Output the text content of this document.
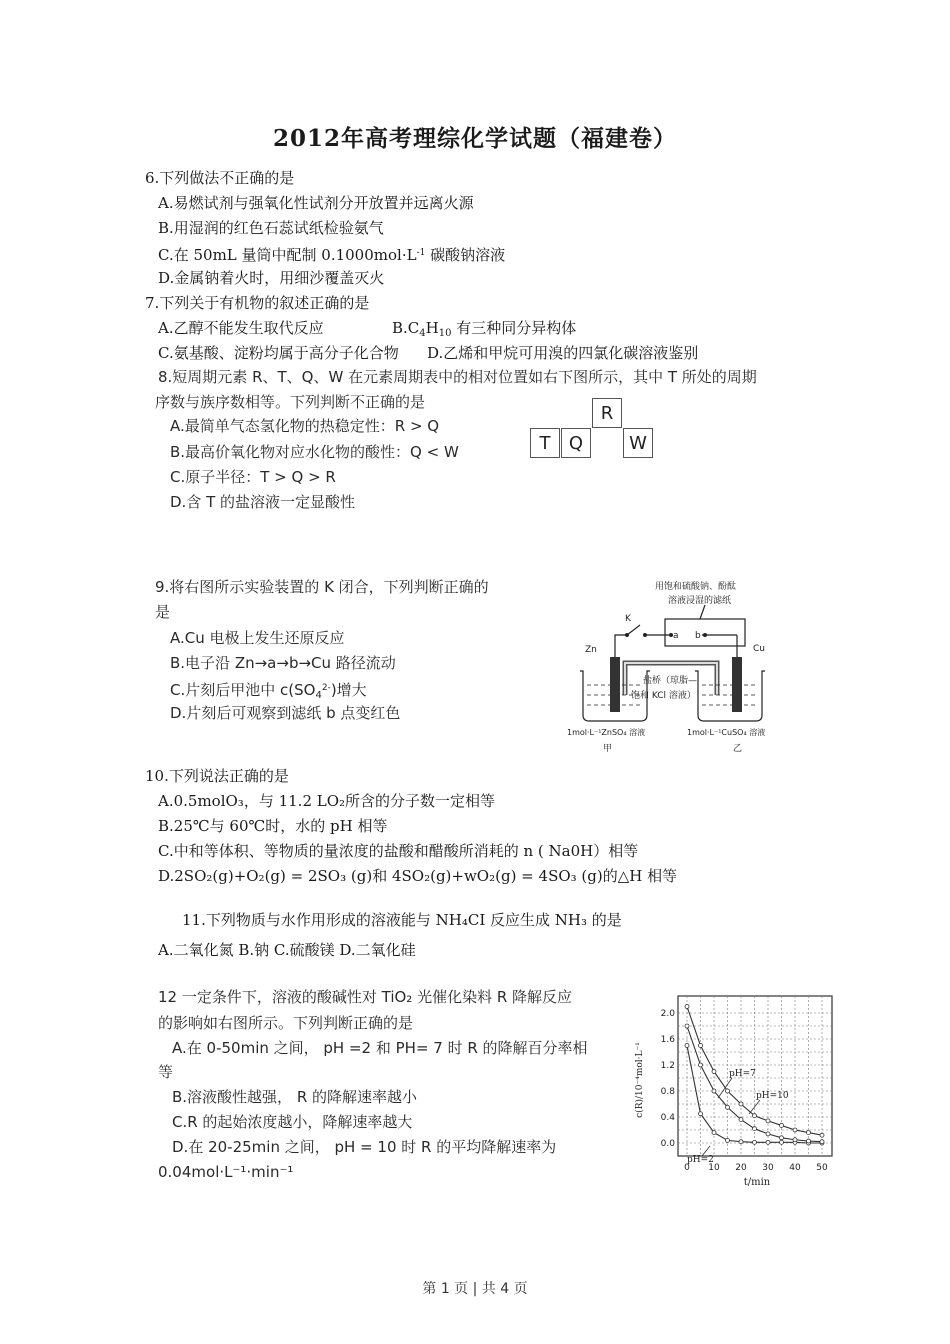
2012年高考理综化学试题（福建卷）
6.下列做法不正确的是
A.易燃试剂与强氧化性试剂分开放置并远离火源
B.用湿润的红色石蕊试纸检验氨气
C.在 50mL 量筒中配制 $0.1000mol\cdot L^{-1}$ 碳酸钠溶液
D.金属钠着火时，用细沙覆盖灭火
7.下列关于有机物的叙述正确的是
A.乙醇不能发生取代反应	$B.C_4H_{10}$ 有三种同分异构体
C.氨基酸、淀粉均属于高分子化合物 D.乙烯和甲烷可用溴的四氯化碳溶液鉴别
8.短周期元素 R、T、Q、W 在元素周期表中的相对位置如右下图所示，其中 T 所处的周期
序数与族序数相等。下列判断不正确的是
A.最简单气态氢化物的热稳定性：R > Q
B.最高价氧化物对应水化物的酸性：Q < W
C.原子半径：T > Q > R
D.含 T 的盐溶液一定显酸性
R
T	Q	W
9.将右图所示实验装置的 K 闭合，下列判断正确的
是
A.Cu 电极上发生还原反应
B.电子沿 Zn→a→b→Cu 路径流动
C.片刻后甲池中 $c(SO_4^{2-})$增大
D.片刻后可观察到滤纸 b 点变红色
用饱和硫酸钠、酚酞
溶液浸湿的滤纸
K
a b
Zn	Cu
盐桥（琼脂—
饱和 KCl 溶液）
1mol·L⁻¹ZnSO₄ 溶液	1mol·L⁻¹CuSO₄ 溶液
甲	乙
10.下列说法正确的是
A.0.5molO₃，与 11.2 LO₂所含的分子数一定相等
B.25℃与 60℃时，水的 pH 相等
C.中和等体积、等物质的量浓度的盐酸和醋酸所消耗的 n ( Na0H）相等
D.2SO₂(g)+O₂(g) = 2SO₃ (g)和 4SO₂(g)+wO₂(g) = 4SO₃ (g)的△H 相等
11.下列物质与水作用形成的溶液能与 NH₄CI 反应生成 NH₃ 的是
A.二氧化氮 B.钠 C.硫酸镁 D.二氧化硅
12 一定条件下，溶液的酸碱性对 TiO₂ 光催化染料 R 降解反应
的影响如右图所示。下列判断正确的是
A.在 0-50min 之间， pH =2 和 PH= 7 时 R 的降解百分率相
等
B.溶液酸性越强， R 的降解速率越小
C.R 的起始浓度越小，降解速率越大
D.在 20-25min 之间， pH = 10 时 R 的平均降解速率为
0.04mol·L⁻¹·min⁻¹
0.0
0.4
0.8
1.2
1.6
2.0
0 10 20 30 40 50
c(R)/10⁻⁴mol·L⁻¹
t/min
pH=2
pH=7
pH=10
第 1 页 | 共 4 页
